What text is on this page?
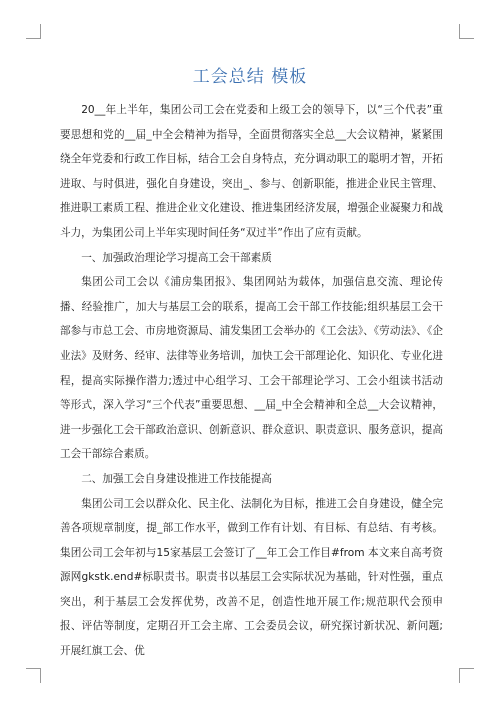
工会总结 模板

20__年上半年，集团公司工会在党委和上级工会的领导下，以“三个代表”重要思想和党的__届_中全会精神为指导，全面贯彻落实全总__大会议精神，紧紧围绕全年党委和行政工作目标，结合工会自身特点，充分调动职工的聪明才智，开拓进取、与时俱进，强化自身建设，突出_、参与、创新职能，推进企业民主管理、推进职工素质工程、推进企业文化建设、推进集团经济发展，增强企业凝聚力和战斗力，为集团公司上半年实现时间任务“双过半”作出了应有贡献。

一、加强政治理论学习提高工会干部素质

集团公司工会以《浦房集团报》、集团网站为载体，加强信息交流、理论传播、经验推广，加大与基层工会的联系，提高工会干部工作技能;组织基层工会干部参与市总工会、市房地资源局、浦发集团工会举办的《工会法》、《劳动法》、《企业法》及财务、经审、法律等业务培训，加快工会干部理论化、知识化、专业化进程，提高实际操作潜力;透过中心组学习、工会干部理论学习、工会小组读书活动等形式，深入学习“三个代表”重要思想、__届_中全会精神和全总__大会议精神，进一步强化工会干部政治意识、创新意识、群众意识、职责意识、服务意识，提高工会干部综合素质。

二、加强工会自身建设推进工作技能提高

集团公司工会以群众化、民主化、法制化为目标，推进工会自身建设，健全完善各项规章制度，提_部工作水平，做到工作有计划、有目标、有总结、有考核。集团公司工会年初与15家基层工会签订了__年工会工作目#from 本文来自高考资源网gkstk.end#标职责书。职责书以基层工会实际状况为基础，针对性强，重点突出，利于基层工会发挥优势，改善不足，创造性地开展工作;规范职代会预申报、评估等制度，定期召开工会主席、工会委员会议，研究探讨新状况、新问题;开展红旗工会、优
